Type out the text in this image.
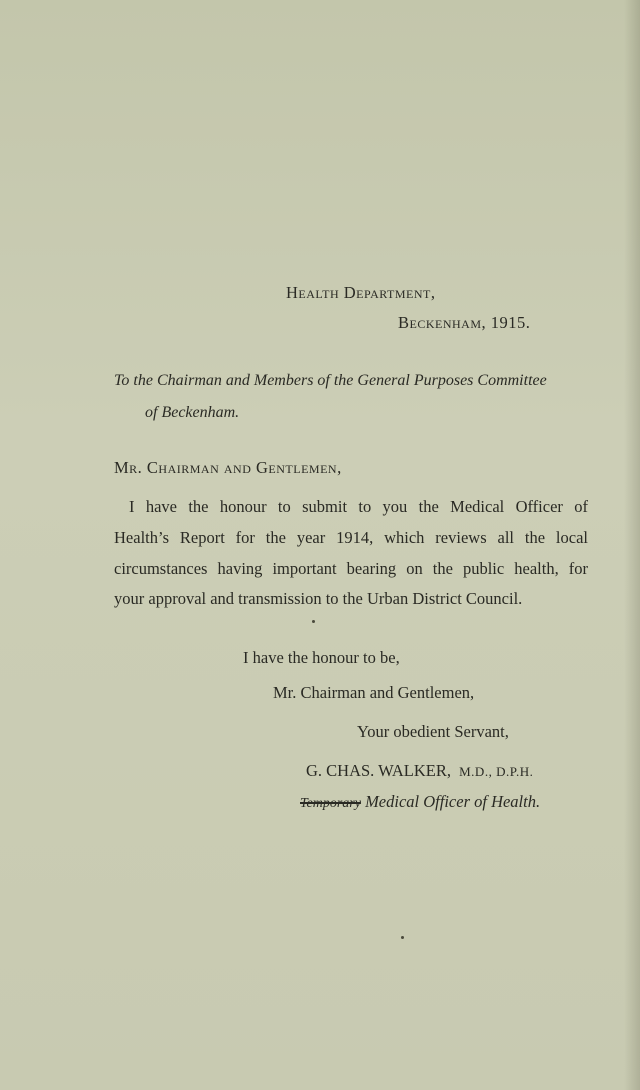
Health Department,
Beckenham, 1915.
To the Chairman and Members of the General Purposes Committee
of Beckenham.
Mr. Chairman and Gentlemen,
I have the honour to submit to you the Medical Officer of
Health’s Report for the year 1914, which reviews all the local
circumstances having important bearing on the public health, for
your approval and transmission to the Urban District Council.
I have the honour to be,
Mr. Chairman and Gentlemen,
Your obedient Servant,
G. CHAS. WALKER, M.D., D.P.H.
Temporary Medical Officer of Health.
